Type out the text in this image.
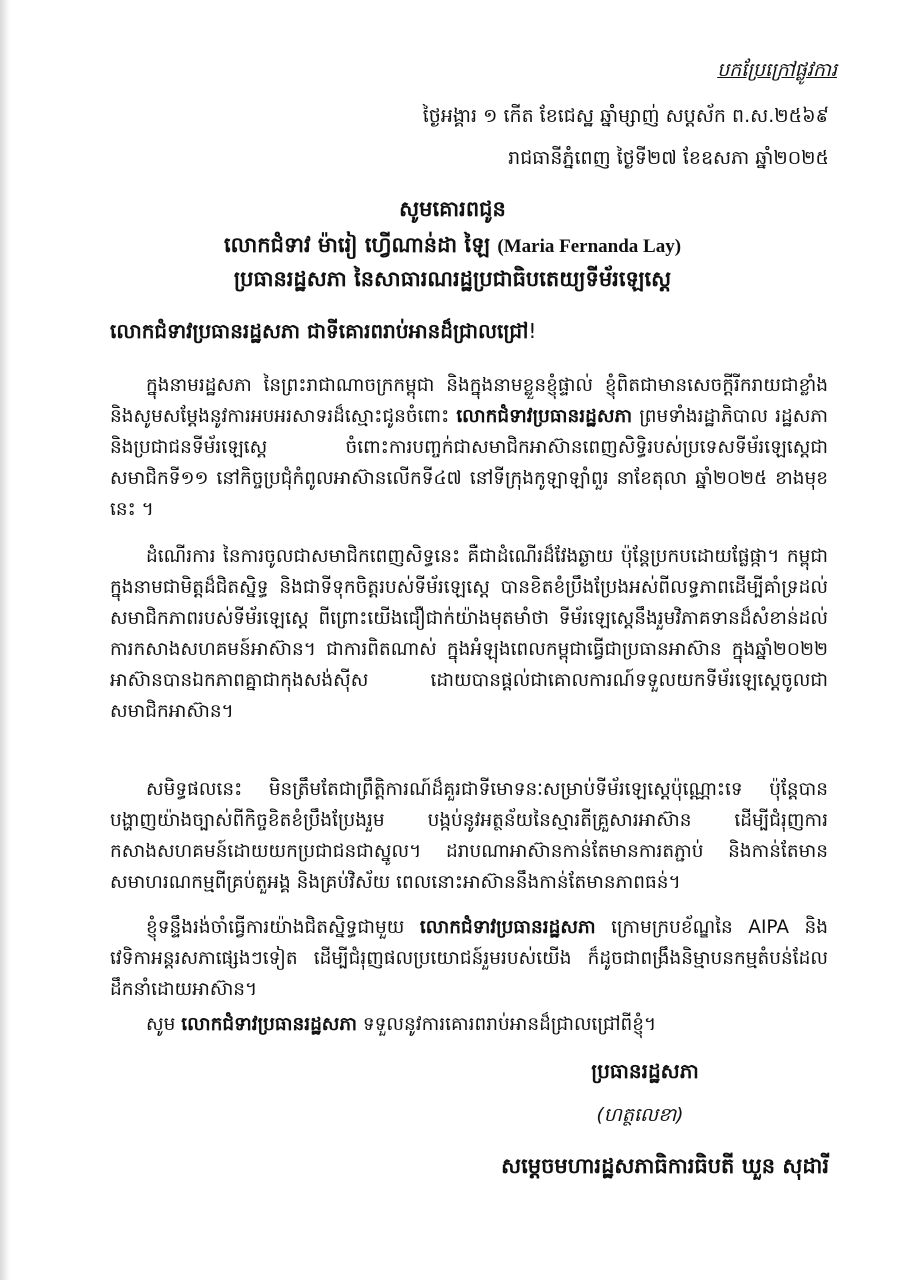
បកប្រែក្រៅផ្លូវការ
ថ្ងៃអង្គារ ១ កើត ខែជេស្ឋ ឆ្នាំម្សាញ់ សប្តស័ក ព.ស.២៥៦៩
រាជធានីភ្នំពេញ ថ្ងៃទី២៧ ខែឧសភា ឆ្នាំ២០២៥
សូមគោរពជូន
លោកជំទាវ ម៉ារៀ ហ្វើណាន់ដា ឡៃ (Maria Fernanda Lay)
ប្រធានរដ្ឋសភា នៃសាធារណរដ្ឋប្រជាធិបតេយ្យទីម័រឡេស្តេ
លោកជំទាវប្រធានរដ្ឋសភា ជាទីគោរពរាប់អានដ៏ជ្រាលជ្រៅ!
ក្នុងនាមរដ្ឋសភា នៃព្រះរាជាណាចក្រកម្ពុជា និងក្នុងនាមខ្លួនខ្ញុំផ្ទាល់ ខ្ញុំពិតជាមានសេចក្តីរីករាយជាខ្លាំង និងសូមសម្តែងនូវការអបអរសាទរដ៏ស្មោះជូនចំពោះ លោកជំទាវប្រធានរដ្ឋសភា ព្រមទាំងរដ្ឋាភិបាល រដ្ឋសភា និងប្រជាជនទីម័រឡេស្តេ ចំពោះការបញ្ចក់ជាសមាជិកអាស៊ានពេញសិទ្ធិរបស់ប្រទេសទីម័រឡេស្តេជាសមាជិកទី១១ នៅកិច្ចប្រជុំកំពូលអាស៊ានលើកទី៤៧ នៅទីក្រុងកូឡាឡាំពួរ នាខែតុលា ឆ្នាំ២០២៥ ខាងមុខនេះ ។
ដំណើរការ នៃការចូលជាសមាជិកពេញសិទ្ធនេះ គឺជាដំណើរដ៏វែងឆ្ងាយ ប៉ុន្តែប្រកបដោយផ្លែផ្កា។ កម្ពុជាក្នុងនាមជាមិត្តដ៏ជិតស្និទ្ធ និងជាទីទុកចិត្តរបស់ទីម័រឡេស្តេ បានខិតខំប្រឹងប្រែងអស់ពីលទ្ធភាពដើម្បីគាំទ្រដល់សមាជិកភាពរបស់ទីម័រឡេស្តេ ពីព្រោះយើងជឿជាក់យ៉ាងមុតមាំថា ទីម័រឡេស្តេនឹងរួមវិភាគទានដ៏សំខាន់ដល់ការកសាងសហគមន៍អាស៊ាន។ ជាការពិតណាស់ ក្នុងអំឡុងពេលកម្ពុជាធ្វើជាប្រធានអាស៊ាន ក្នុងឆ្នាំ២០២២ អាស៊ានបានឯកភាពគ្នាជាកុងសង់ស៊ីស ដោយបានផ្តល់ជាគោលការណ៍ទទួលយកទីម័រឡេស្តេចូលជាសមាជិកអាស៊ាន។
សមិទ្ធផលនេះ មិនត្រឹមតែជាព្រឹត្តិការណ៍ដ៏គួរជាទីមោទនៈសម្រាប់ទីម័រឡេស្តេប៉ុណ្ណោះទេ ប៉ុន្តែបានបង្ហាញយ៉ាងច្បាស់ពីកិច្ចខិតខំប្រឹងប្រែងរួម បង្កប់នូវអត្ថន័យនៃស្មារតីគ្រួសារអាស៊ាន ដើម្បីជំរុញការកសាងសហគមន៍ដោយយកប្រជាជនជាស្នូល។ ដរាបណាអាស៊ានកាន់តែមានការតភ្ជាប់ និងកាន់តែមានសមាហរណកម្មពីគ្រប់តួអង្គ និងគ្រប់វិស័យ ពេលនោះអាស៊ាននឹងកាន់តែមានភាពធន់។
ខ្ញុំទន្ទឹងរង់ចាំធ្វើការយ៉ាងជិតស្និទ្ធជាមួយ លោកជំទាវប្រធានរដ្ឋសភា ក្រោមក្របខ័ណ្ឌនៃ AIPA និងវេទិកាអន្តរសភាផ្សេងៗទៀត ដើម្បីជំរុញផលប្រយោជន៍រួមរបស់យើង ក៏ដូចជាពង្រឹងនិម្មាបនកម្មតំបន់ដែលដឹកនាំដោយអាស៊ាន។
សូម លោកជំទាវប្រធានរដ្ឋសភា ទទួលនូវការគោរពរាប់អានដ៏ជ្រាលជ្រៅពីខ្ញុំ។
ប្រធានរដ្ឋសភា
(ហត្ថលេខា)
សម្តេចមហារដ្ឋសភាធិការធិបតី ឃួន សុដារី
